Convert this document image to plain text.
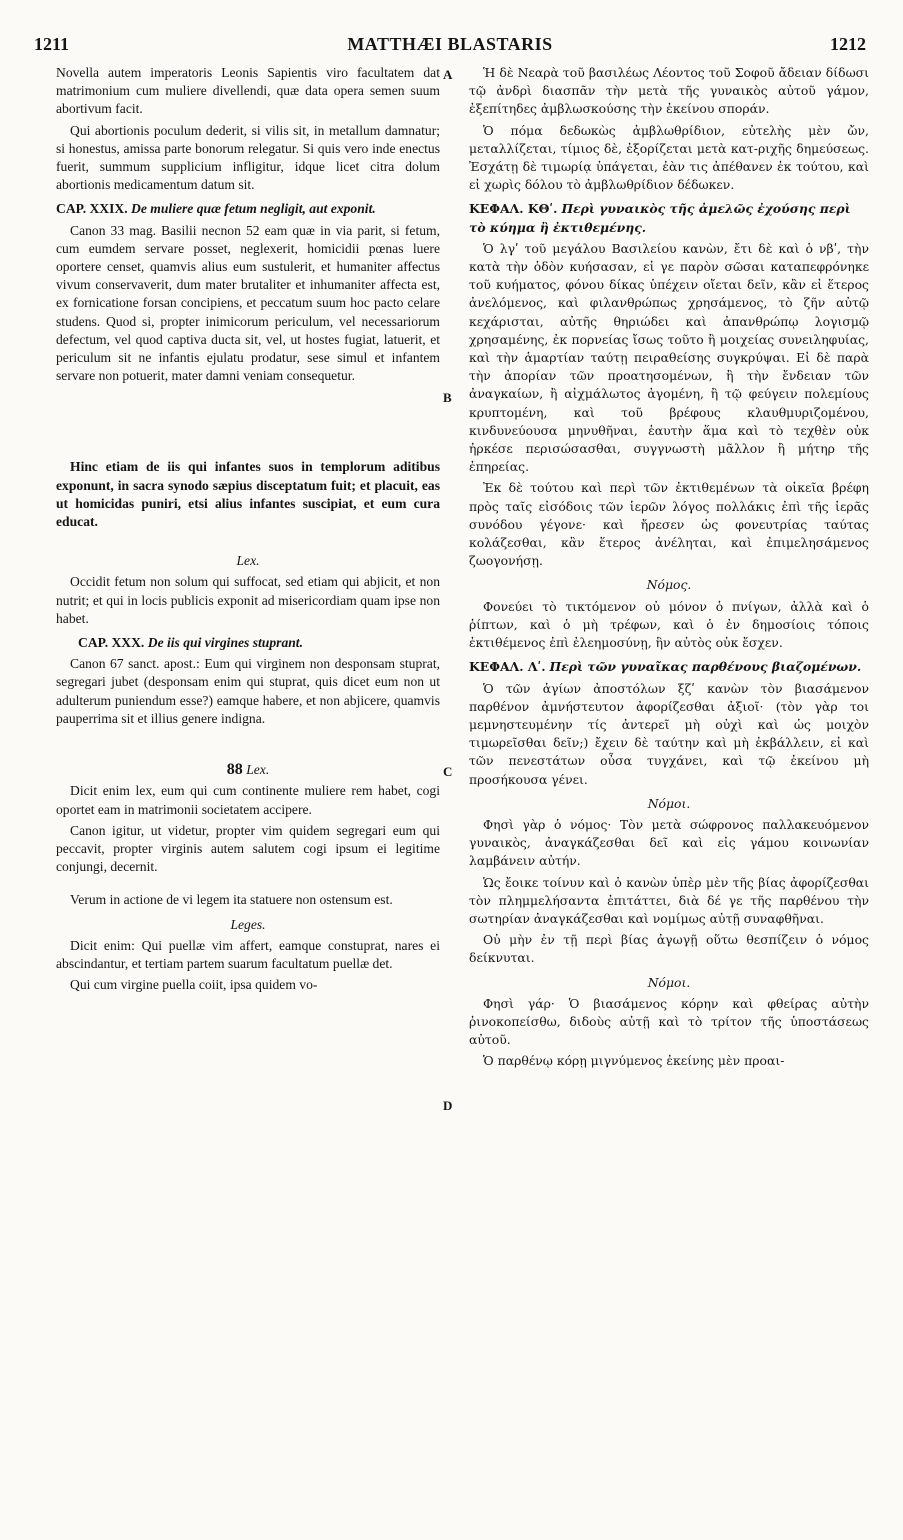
1211	MATTHÆI BLASTARIS	1212
A
B
C
D

Novella autem imperatoris Leonis Sapientis viro facultatem dat matrimonium cum muliere divellendi, quæ data opera semen suum abortivum facit.

Qui abortionis poculum dederit, si vilis sit, in metallum damnatur; si honestus, amissa parte bonorum relegatur. Si quis vero inde enectus fuerit, summum supplicium infligitur, idque licet citra dolum abortionis medicamentum datum sit.

CAP. XXIX. De muliere quæ fetum negligit, aut exponit.

Canon 33 mag. Basilii necnon 52 eam quæ in via parit, si fetum, cum eumdem servare posset, neglexerit, homicidii pœnas luere oportere censet, quamvis alius eum sustulerit, et humaniter affectus vivum conservaverit, dum mater brutaliter et inhumaniter affecta est, ex fornicatione forsan concipiens, et peccatum suum hoc pacto celare studens. Quod si, propter inimicorum periculum, vel necessariorum defectum, vel quod captiva ducta sit, vel, ut hostes fugiat, latuerit, et periculum sit ne infantis ejulatu prodatur, sese simul et infantem servare non potuerit, mater damni veniam consequetur.

Hinc etiam de iis qui infantes suos in templorum aditibus exponunt, in sacra synodo sæpius disceptatum fuit; et placuit, eas ut homicidas puniri, etsi alius infantes suscipiat, et eum cura educat.

Lex.

Occidit fetum non solum qui suffocat, sed etiam qui abjicit, et non nutrit; et qui in locis publicis exponit ad misericordiam quam ipse non habet.

CAP. XXX. De iis qui virgines stuprant.

Canon 67 sanct. apost.: Eum qui virginem non desponsam stuprat, segregari jubet (desponsam enim qui stuprat, quis dicet eum non ut adulterum puniendum esse?) eamque habere, et non abjicere, quamvis pauperrima sit et illius genere indigna.

88 Lex.

Dicit enim lex, eum qui cum continente muliere rem habet, cogi oportet eam in matrimonii societatem accipere.

Canon igitur, ut videtur, propter vim quidem segregari eum qui peccavit, propter virginis autem salutem cogi ipsum ei legitime conjungi, decernit.

Verum in actione de vi legem ita statuere non ostensum est.

Leges.

Dicit enim: Qui puellæ vim affert, eamque constuprat, nares ei abscindantur, et tertiam partem suarum facultatum puellæ det.

Qui cum virgine puella coiit, ipsa quidem vo-

Ἡ δὲ Νεαρὰ τοῦ βασιλέως Λέοντος τοῦ Σοφοῦ ἄδειαν δίδωσι τῷ ἀνδρὶ διασπᾶν τὴν μετὰ τῆς γυναικὸς αὐτοῦ γάμον, ἐξεπίτηδες ἀμβλωσκούσης τὴν ἐκείνου σποράν.

Ὁ πόμα δεδωκὼς ἀμβλωθρίδιον, εὐτελὴς μὲν ὤν, μεταλλίζεται, τίμιος δὲ, ἐξορίζεται μετὰ κατ-ριχῆς δημεύσεως. Ἐσχάτῃ δὲ τιμωρίᾳ ὑπάγεται, ἐὰν τις ἀπέθανεν ἐκ τούτου, καὶ εἰ χωρὶς δόλου τὸ ἀμβλωθρίδιον δέδωκεν.

ΚΕΦΑΛ. ΚΘʹ. Περὶ γυναικὸς τῆς ἀμελῶς ἐχούσης περὶ τὸ κύημα ἢ ἐκτιθεμένης.

Ὁ λγʹ τοῦ μεγάλου Βασιλείου κανὼν, ἔτι δὲ καὶ ὁ νβʹ, τὴν κατὰ τὴν ὁδὸν κυήσασαν, εἰ γε παρὸν σῶσαι καταπεφρόνηκε τοῦ κυήματος, φόνου δίκας ὑπέχειν οἴεται δεῖν, κἂν εἰ ἕτερος ἀνελόμενος, καὶ φιλανθρώπως χρησάμενος, τὸ ζῆν αὐτῷ κεχάρισται, αὐτῆς θηριώδει καὶ ἀπανθρώπῳ λογισμῷ χρησαμένης, ἐκ πορνείας ἴσως τοῦτο ἢ μοιχείας συνειληφυίας, καὶ τὴν ἁμαρτίαν ταύτῃ πειραθείσης συγκρύψαι. Εἰ δὲ παρὰ τὴν ἀπορίαν τῶν προατησομένων, ἢ τὴν ἔνδειαν τῶν ἀναγκαίων, ἢ αἰχμάλωτος ἀγομένη, ἢ τῷ φεύγειν πολεμίους κρυπτομένη, καὶ τοῦ βρέφους κλαυθμυριζομένου, κινδυνεύουσα μηνυθῆναι, ἑαυτὴν ἅμα καὶ τὸ τεχθὲν οὐκ ἠρκέσε περισώσασθαι, συγγνωστὴ μᾶλλον ἢ μήτηρ τῆς ἐπηρείας.

Ἐκ δὲ τούτου καὶ περὶ τῶν ἐκτιθεμένων τὰ οἰκεῖα βρέφη πρὸς ταῖς εἰσόδοις τῶν ἱερῶν λόγος πολλάκις ἐπὶ τῆς ἱερᾶς συνόδου γέγονε· καὶ ἤρεσεν ὡς φονευτρίας ταύτας κολάζεσθαι, κἂν ἕτερος ἀνέληται, καὶ ἐπιμελησάμενος ζωογονήσῃ.

Νόμος.

Φονεύει τὸ τικτόμενον οὐ μόνον ὁ πνίγων, ἀλλὰ καὶ ὁ ῥίπτων, καὶ ὁ μὴ τρέφων, καὶ ὁ ἐν δημοσίοις τόποις ἐκτιθέμενος ἐπὶ ἐλεημοσύνῃ, ἣν αὐτὸς οὐκ ἔσχεν.

ΚΕΦΑΛ. Λʹ. Περὶ τῶν γυναῖκας παρθένους βιαζομένων.

Ὁ τῶν ἁγίων ἀποστόλων ξζʹ κανὼν τὸν βιασάμενον παρθένον ἀμνήστευτον ἀφορίζεσθαι ἀξιοῖ· (τὸν γὰρ τοι μεμνηστευμένην τίς ἀντερεῖ μὴ οὐχὶ καὶ ὡς μοιχὸν τιμωρεῖσθαι δεῖν;) ἔχειν δὲ ταύτην καὶ μὴ ἐκβάλλειν, εἰ καὶ τῶν πενεστάτων οὖσα τυγχάνει, καὶ τῷ ἐκείνου μὴ προσήκουσα γένει.

Νόμοι.

Φησὶ γὰρ ὁ νόμος· Τὸν μετὰ σώφρονος παλλακευόμενον γυναικὸς, ἀναγκάζεσθαι δεῖ καὶ εἰς γάμου κοινωνίαν λαμβάνειν αὐτήν.

Ὡς ἔοικε τοίνυν καὶ ὁ κανὼν ὑπὲρ μὲν τῆς βίας ἀφορίζεσθαι τὸν πλημμελήσαντα ἐπιτάττει, διὰ δέ γε τῆς παρθένου τὴν σωτηρίαν ἀναγκάζεσθαι καὶ νομίμως αὐτῇ συναφθῆναι.

Οὐ μὴν ἐν τῇ περὶ βίας ἀγωγῇ οὕτω θεσπίζειν ὁ νόμος δείκνυται.

Νόμοι.

Φησὶ γάρ· Ὁ βιασάμενος κόρην καὶ φθείρας αὐτὴν ῥινοκοπείσθω, διδοὺς αὐτῇ καὶ τὸ τρίτον τῆς ὑποστάσεως αὐτοῦ.

Ὁ παρθένῳ κόρῃ μιγνύμενος ἐκείνης μὲν προαι-
